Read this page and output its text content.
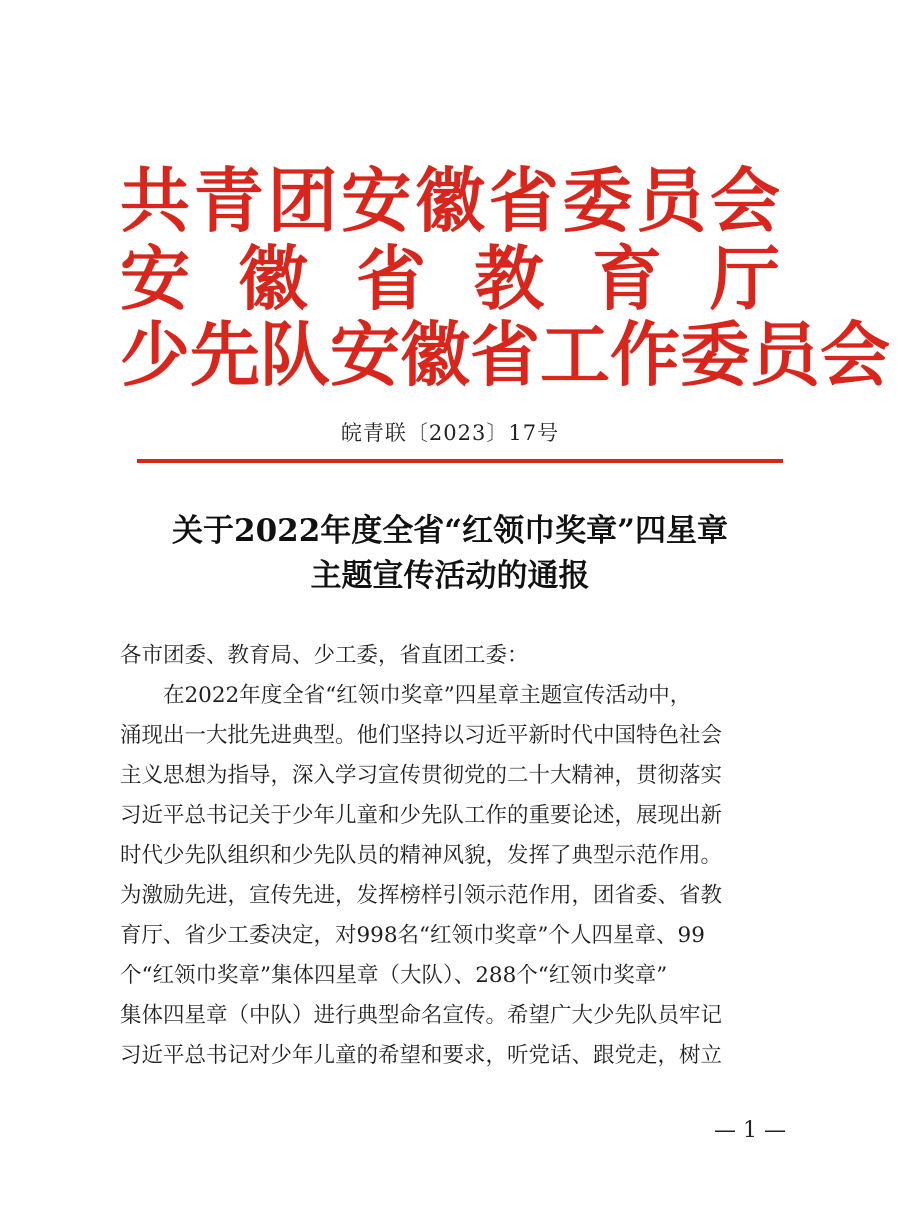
共 青 团 安 徽 省 委 员 会
安 徽 省 教 育 厅
少 先 队 安 徽 省 工 作 委 员 会
皖青联〔2023〕17号
关于2022年度全省“红领巾奖章”四星章
主题宣传活动的通报
各市团委、教育局、少工委，省直团工委：
在2022年度全省“红领巾奖章”四星章主题宣传活动中，
涌现出一大批先进典型。他们坚持以习近平新时代中国特色社会
主义思想为指导，深入学习宣传贯彻党的二十大精神，贯彻落实
习近平总书记关于少年儿童和少先队工作的重要论述，展现出新
时代少先队组织和少先队员的精神风貌，发挥了典型示范作用。
为激励先进，宣传先进，发挥榜样引领示范作用，团省委、省教
育厅、省少工委决定，对998名“红领巾奖章”个人四星章、99
个“红领巾奖章”集体四星章（大队）、288个“红领巾奖章”
集体四星章（中队）进行典型命名宣传。希望广大少先队员牢记
习近平总书记对少年儿童的希望和要求，听党话、跟党走，树立
— 1 —
